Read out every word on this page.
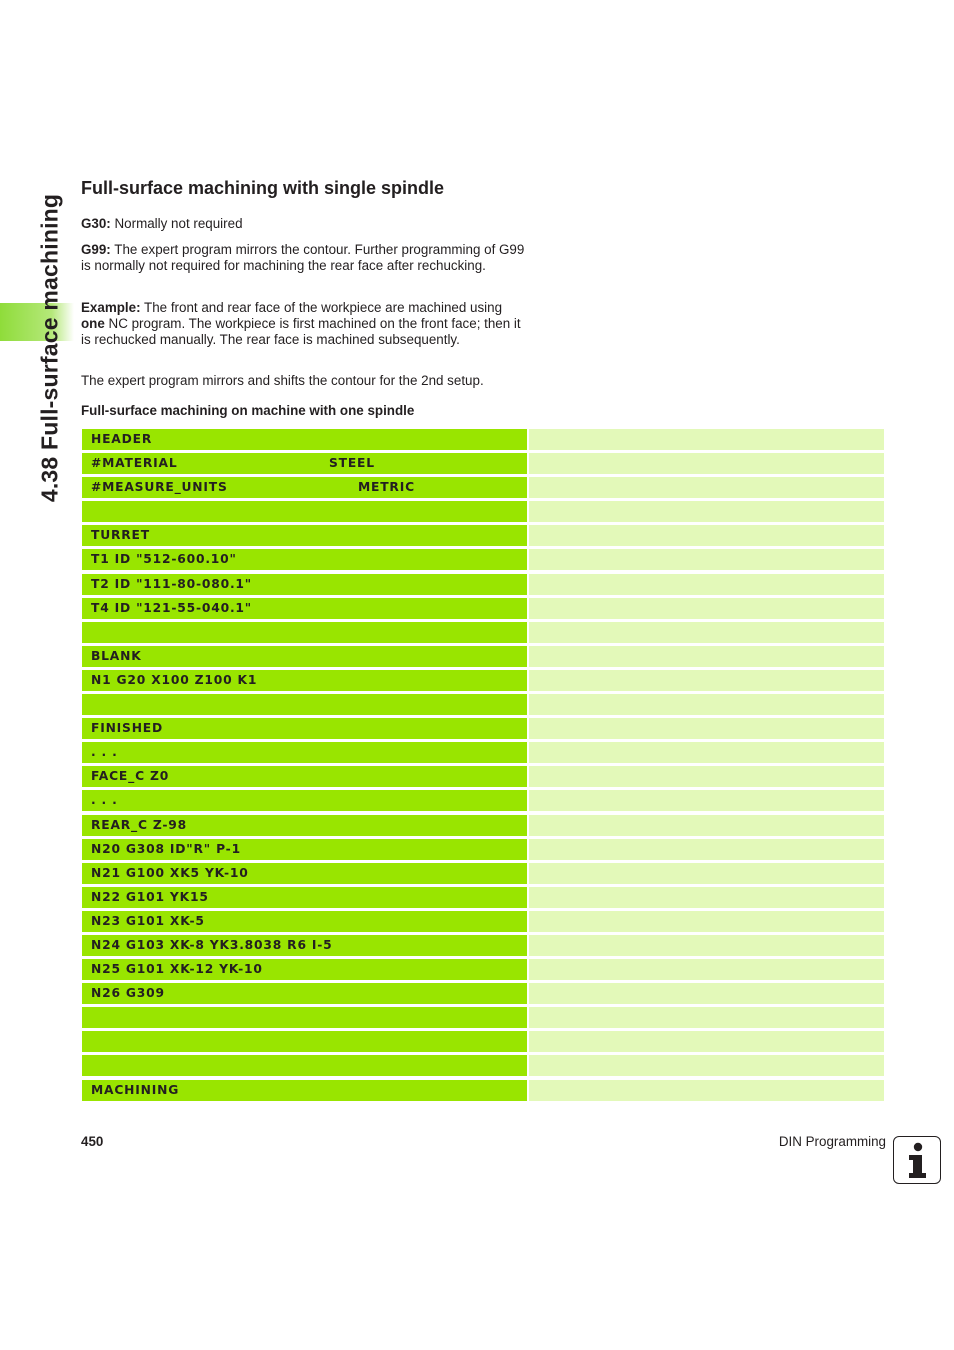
4.38 Full-surface machining
Full-surface machining with single spindle

G30: Normally not required

G99: The expert program mirrors the contour. Further programming of G99 is normally not required for machining the rear face after rechucking.

Example: The front and rear face of the workpiece are machined using one NC program. The workpiece is first machined on the front face; then it is rechucked manually. The rear face is machined subsequently.

The expert program mirrors and shifts the contour for the 2nd setup.

Full-surface machining on machine with one spindle

HEADER
#MATERIAL	STEEL
#MEASURE_UNITS	METRIC
TURRET
T1 ID "512-600.10"
T2 ID "111-80-080.1"
T4 ID "121-55-040.1"
BLANK
N1 G20 X100 Z100 K1
FINISHED
. . .
FACE_C Z0
. . .
REAR_C Z-98
N20 G308 ID"R" P-1
N21 G100 XK5 YK-10
N22 G101 YK15
N23 G101 XK-5
N24 G103 XK-8 YK3.8038 R6 I-5
N25 G101 XK-12 YK-10
N26 G309
MACHINING
450	DIN Programming
